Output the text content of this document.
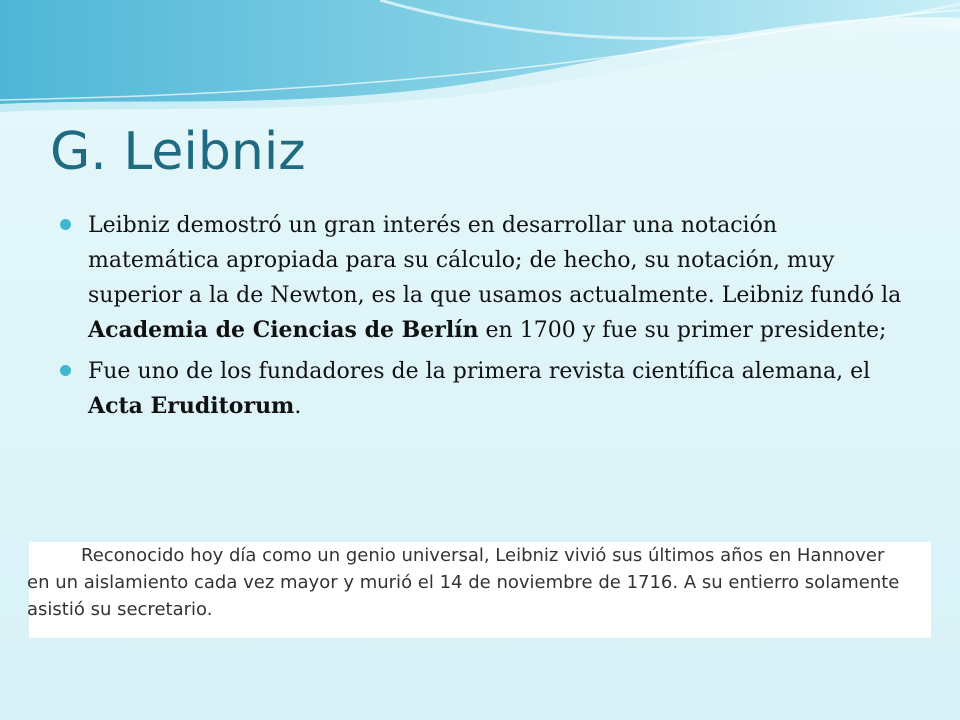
G. Leibniz
Leibniz demostró un gran interés en desarrollar una notación matemática apropiada para su cálculo; de hecho, su notación, muy superior a la de Newton, es la que usamos actualmente. Leibniz fundó la Academia de Ciencias de Berlín en 1700 y fue su primer presidente;
Fue uno de los fundadores de la primera revista científica alemana, el Acta Eruditorum.

Reconocido hoy día como un genio universal, Leibniz vivió sus últimos años en Hannover
en un aislamiento cada vez mayor y murió el 14 de noviembre de 1716. A su entierro solamente
asistió su secretario.
